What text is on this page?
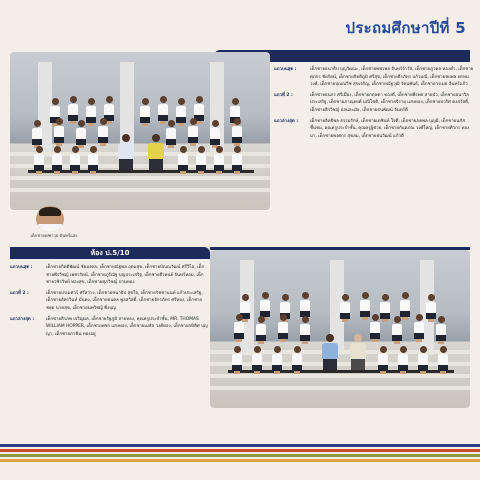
ประถมศึกษาปีที่ 5
แถวบนสุด :	เด็กชายธนาธิป บุญวัฒนะ, เด็กชายพชรพล จันทร์จำรัส, เด็กชายภูวดล ทองคำ, เด็กชายศุภกร ชัยรัตน์, เด็กชายกิตติภูมิ ศรีสุข, เด็กชายธีรภัทร แก้วมณี, เด็กชายชยพล พรหมวงศ์, เด็กชายปุณณวิช สุขเจริญ, เด็กชายณัฐวุฒิ รัตนพันธ์, เด็กชายวรเมธ อินทร์แก้ว
แถวที่ 2 :	เด็กชายธนกร ศรีเมือง, เด็กชายกฤษดา ทองดี, เด็กชายพีรพล สายบัว, เด็กชายอนาวิล ประเสริฐ, เด็กชายภาณุพงศ์ มณีโชติ, เด็กชายจิรายุ แสงทอง, เด็กชายปวริศ คงสวัสดิ์, เด็กชายสิรวิชญ์ อ่อนละมัย, เด็กชายธนพัฒน์ จันทร์ดี
แถวล่างสุด :	เด็กชายอิทธิพล ธรรมรักษ์, เด็กชายเตชินท์ ใจดี, เด็กชายภคพล บุญมี, เด็กชายนภัส ชื่นชม, คุณครูประจำชั้น, คุณครูผู้ช่วย, เด็กชายกันตภณ วงศ์ใหญ่, เด็กชายศิวกร ทองมา, เด็กชายพงศกร สุขสม, เด็กชายธนวัฒน์ แก้วดี
เด็กชายคฑาวุธ อินทร์แสง
ห้อง ป.5/10
แถวบนสุด :	เด็กชายกิตติพัฒน์ ชัยมงคล, เด็กชายณัฐพล อุดมสุข, เด็กชายปัณณวัฒน์ ศรีวิไล, เด็กชายพีรวิชญ์ เพชรรัตน์, เด็กชายภูริณัฐ บุญประเสริฐ, เด็กชายธีรดนย์ จันทร์หอม, เด็กชายวชิรวิทย์ ทองสุข, เด็กชายศุภวิชญ์ ปานทอง
แถวที่ 2 :	เด็กชายปรเมศวร์ ศรีสว่าง, เด็กชายชนาธิป สุขใจ, เด็กชายรัชชานนท์ แก้วประเสริฐ, เด็กชายอัครวินท์ มั่นคง, เด็กชายธนดล พูลสวัสดิ์, เด็กชายจักรภัทร ศรีทอง, เด็กชายชยุต นาคสุข, เด็กชายนพวิชญ์ พึ่งบุญ
แถวล่างสุด :	เด็กชายสิรภพ เจริญผล, เด็กชายรัฐภูมิ สายทอง, คุณครูประจำชั้น, MR. THOMAS WILLIAM HOPPER, เด็กชายพชร แสงทอง, เด็กชายเมธัส วงศ์ทอง, เด็กชายกษิดิศ บุญญา, เด็กชายภาคิน ทองอยู่
